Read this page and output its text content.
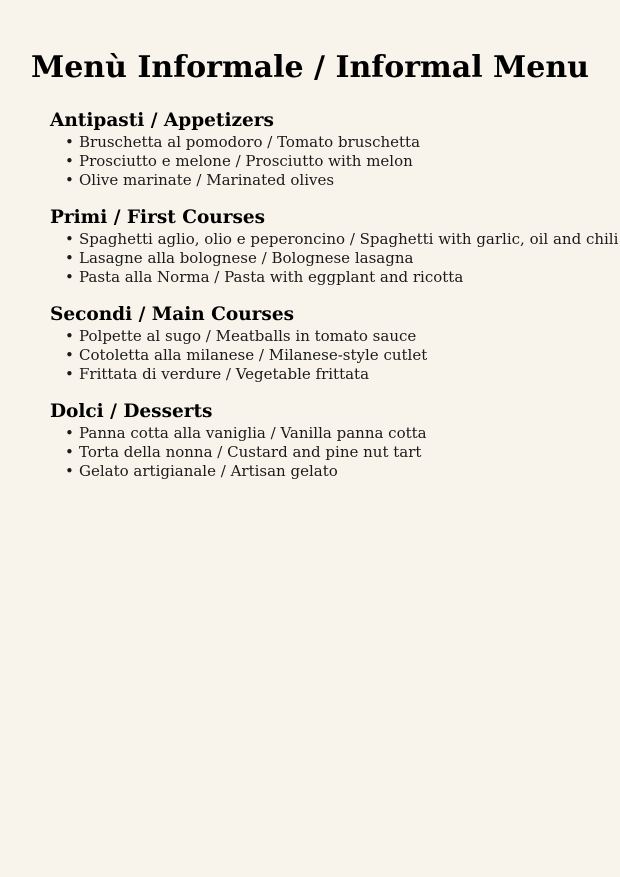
Menù Informale / Informal Menu
Antipasti / Appetizers
• Bruschetta al pomodoro / Tomato bruschetta
• Prosciutto e melone / Prosciutto with melon
• Olive marinate / Marinated olives
Primi / First Courses
• Spaghetti aglio, olio e peperoncino / Spaghetti with garlic, oil and chili
• Lasagne alla bolognese / Bolognese lasagna
• Pasta alla Norma / Pasta with eggplant and ricotta
Secondi / Main Courses
• Polpette al sugo / Meatballs in tomato sauce
• Cotoletta alla milanese / Milanese-style cutlet
• Frittata di verdure / Vegetable frittata
Dolci / Desserts
• Panna cotta alla vaniglia / Vanilla panna cotta
• Torta della nonna / Custard and pine nut tart
• Gelato artigianale / Artisan gelato
